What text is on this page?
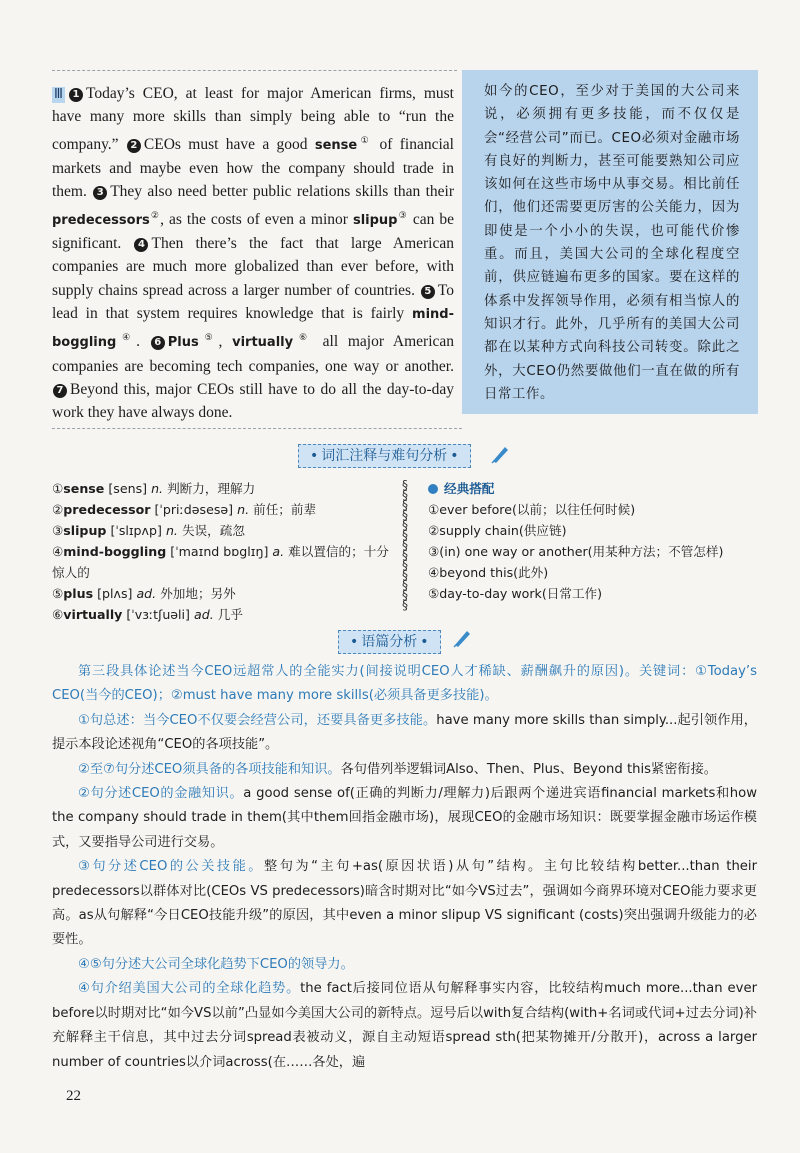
Ⅲ 1 Today’s CEO, at least for major American firms, must have many more skills than simply being able to “run the company.” 2 CEOs must have a good sense① of financial markets and maybe even how the company should trade in them. 3 They also need better public relations skills than their predecessors②, as the costs of even a minor slipup③ can be significant. 4 Then there’s the fact that large American companies are much more globalized than ever before, with supply chains spread across a larger number of countries. 5 To lead in that system requires knowledge that is fairly mind-boggling④. 6 Plus⑤, virtually⑥ all major American companies are becoming tech companies, one way or another. 7 Beyond this, major CEOs still have to do all the day-to-day work they have always done.
如今的CEO，至少对于美国的大公司来说，必须拥有更多技能，而不仅仅是会“经营公司”而已。CEO必须对金融市场有良好的判断力，甚至可能要熟知公司应该如何在这些市场中从事交易。相比前任们，他们还需要更厉害的公关能力，因为即使是一个小小的失误，也可能代价惨重。而且，美国大公司的全球化程度空前，供应链遍布更多的国家。要在这样的体系中发挥领导作用，必须有相当惊人的知识才行。此外，几乎所有的美国大公司都在以某种方式向科技公司转变。除此之外，大CEO仍然要做他们一直在做的所有日常工作。
• 词汇注释与难句分析 •
①sense [sens] n. 判断力，理解力
②predecessor [ˈpriːdəsesə] n. 前任；前辈
③slipup [ˈslɪpʌp] n. 失误，疏忽
④mind-boggling [ˈmaɪnd bɒglɪŋ] a. 难以置信的；十分惊人的
⑤plus [plʌs] ad. 外加地；另外
⑥virtually [ˈvɜːtʃuəli] ad. 几乎
§
§
§
§
§
§
§
§
§
§
§
§
§
经典搭配
①ever before(以前；以往任何时候)
②supply chain(供应链)
③(in) one way or another(用某种方法；不管怎样)
④beyond this(此外)
⑤day-to-day work(日常工作)
• 语篇分析 •

第三段具体论述当今CEO远超常人的全能实力(间接说明CEO人才稀缺、薪酬飙升的原因)。关键词：①Today’s CEO(当今的CEO)；②must have many more skills(必须具备更多技能)。

①句总述：当今CEO不仅要会经营公司，还要具备更多技能。have many more skills than simply...起引领作用，提示本段论述视角“CEO的各项技能”。

②至⑦句分述CEO须具备的各项技能和知识。各句借列举逻辑词Also、Then、Plus、Beyond this紧密衔接。

②句分述CEO的金融知识。a good sense of(正确的判断力/理解力)后跟两个递进宾语financial markets和how the company should trade in them(其中them回指金融市场)，展现CEO的金融市场知识：既要掌握金融市场运作模式，又要指导公司进行交易。

③句分述CEO的公关技能。整句为“主句+as(原因状语)从句”结构。主句比较结构better...than their predecessors以群体对比(CEOs VS predecessors)暗含时期对比“如今VS过去”，强调如今商界环境对CEO能力要求更高。as从句解释“今日CEO技能升级”的原因，其中even a minor slipup VS significant (costs)突出强调升级能力的必要性。

④⑤句分述大公司全球化趋势下CEO的领导力。

④句介绍美国大公司的全球化趋势。the fact后接同位语从句解释事实内容，比较结构much more...than ever before以时期对比“如今VS以前”凸显如今美国大公司的新特点。逗号后以with复合结构(with+名词或代词+过去分词)补充解释主干信息，其中过去分词spread表被动义，源自主动短语spread sth(把某物摊开/分散开)，across a larger number of countries以介词across(在……各处，遍

22
